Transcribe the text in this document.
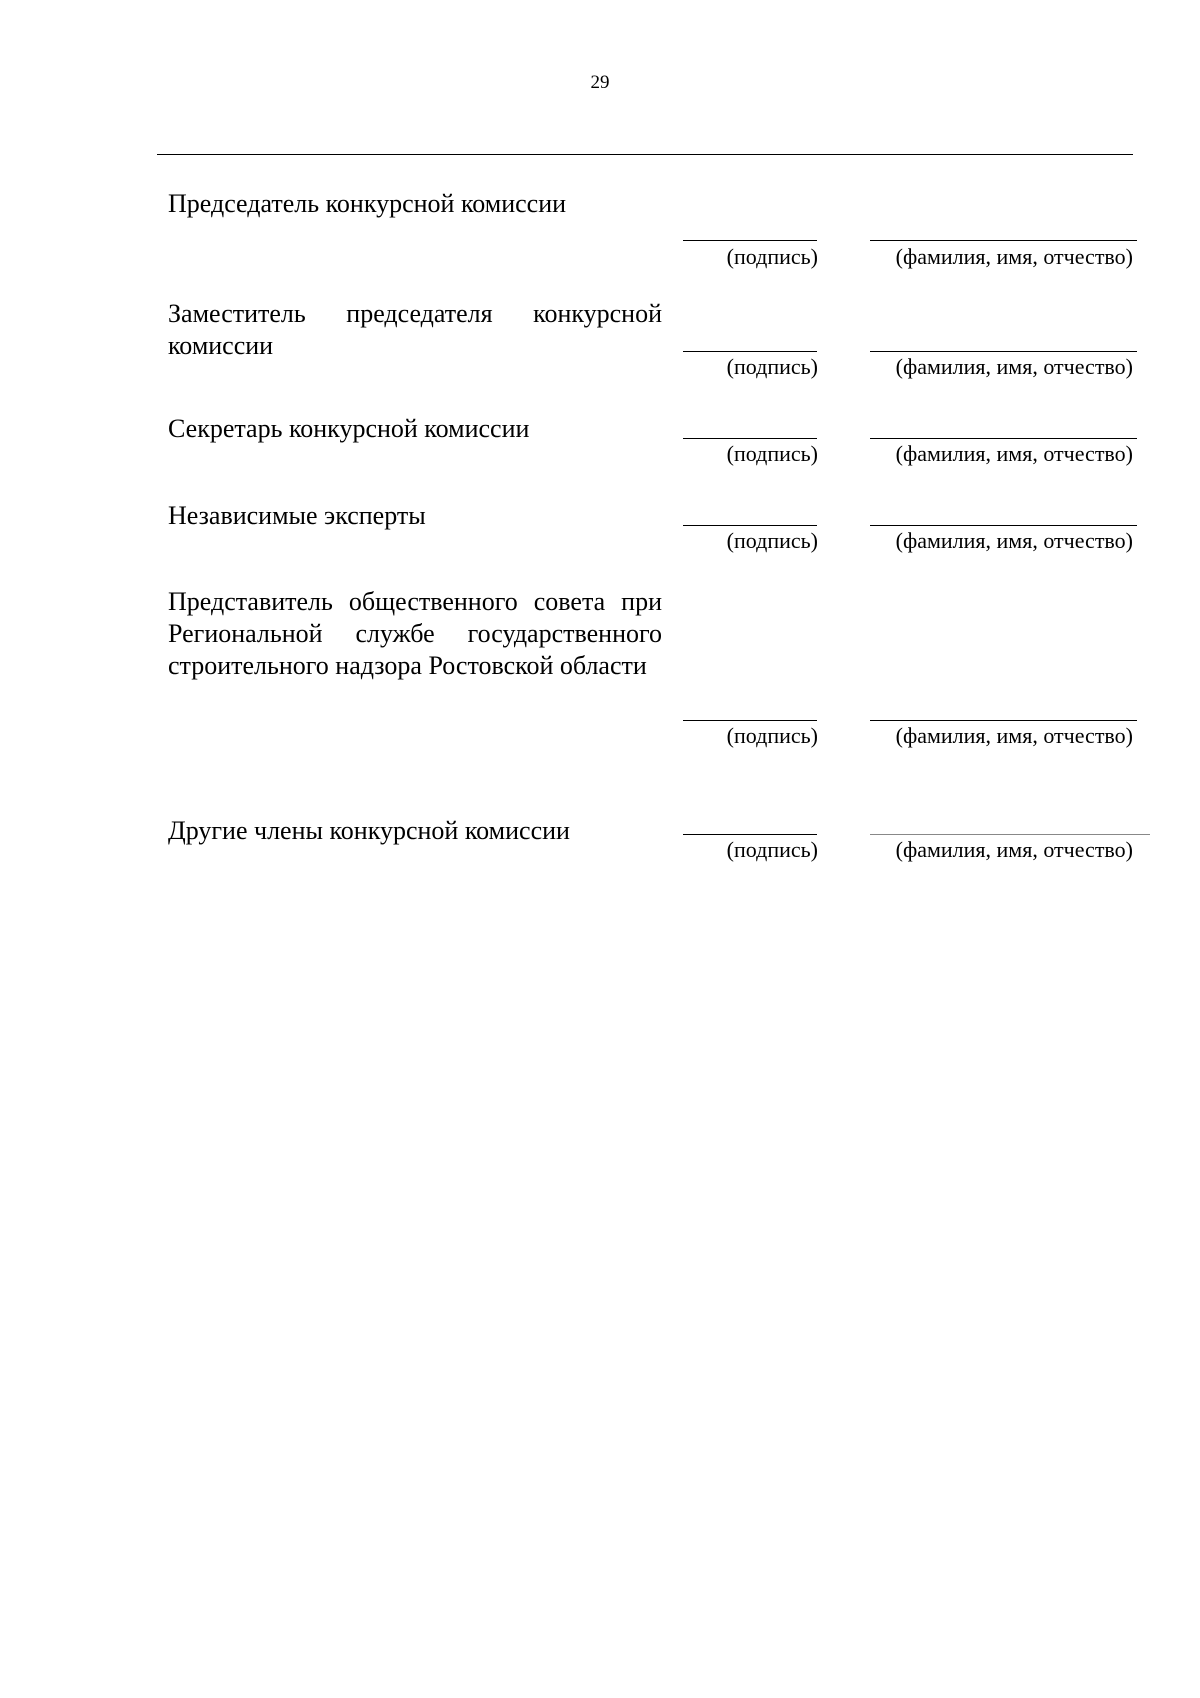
29
Председатель конкурсной комиссии
(подпись)	(фамилия, имя, отчество)
Заместитель председателя конкурсной комиссии
(подпись)	(фамилия, имя, отчество)
Секретарь конкурсной комиссии
(подпись)	(фамилия, имя, отчество)
Независимые эксперты
(подпись)	(фамилия, имя, отчество)
Представитель общественного совета при Региональной службе государственного строительного надзора Ростовской области
(подпись)	(фамилия, имя, отчество)
Другие члены конкурсной комиссии
(подпись)	(фамилия, имя, отчество)
